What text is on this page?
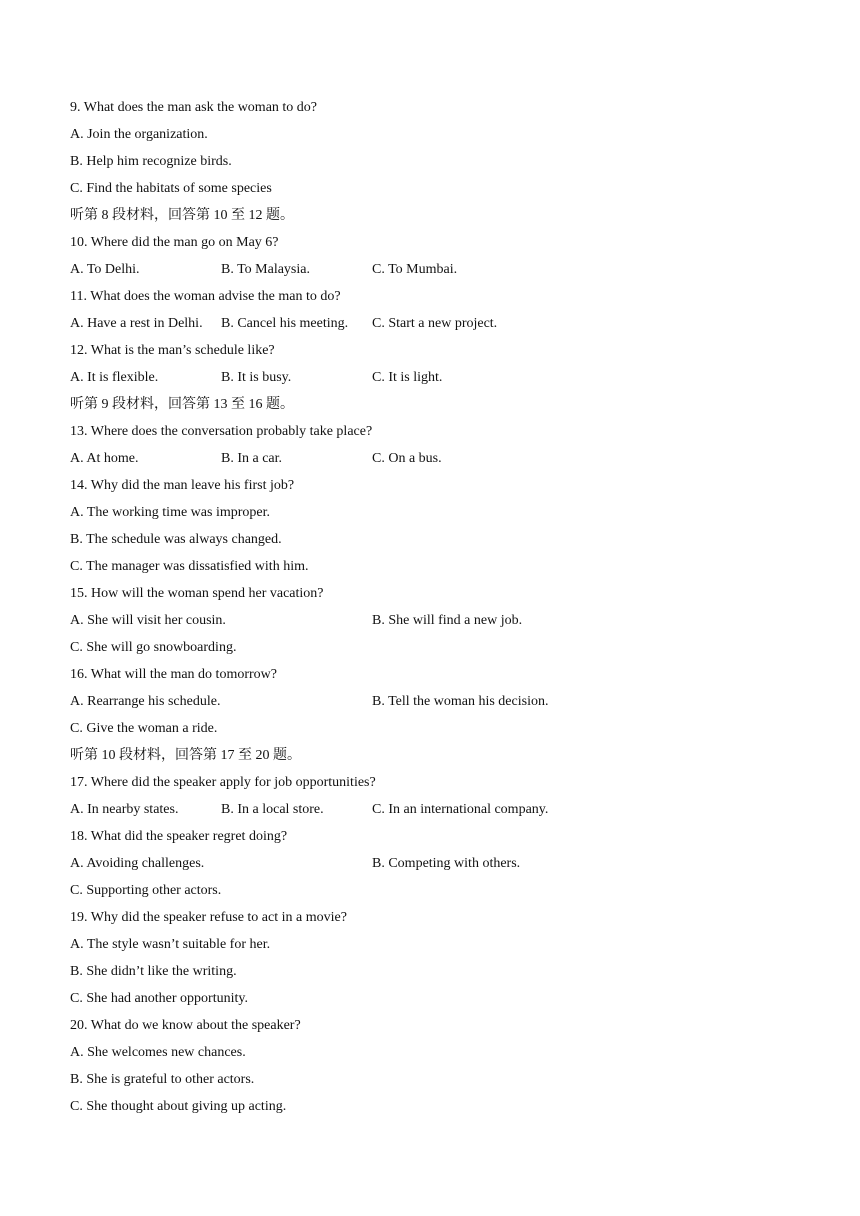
9. What does the man ask the woman to do?
A. Join the organization.
B. Help him recognize birds.
C. Find the habitats of some species
听第 8 段材料，回答第 10 至 12 题。
10. Where did the man go on May 6?
A. To Delhi.	B. To Malaysia.	C. To Mumbai.
11. What does the woman advise the man to do?
A. Have a rest in Delhi. B. Cancel his meeting. C. Start a new project.
12. What is the man’s schedule like?
A. It is flexible.	B. It is busy.	C. It is light.
听第 9 段材料，回答第 13 至 16 题。
13. Where does the conversation probably take place?
A. At home.	B. In a car.	C. On a bus.
14. Why did the man leave his first job?
A. The working time was improper.
B. The schedule was always changed.
C. The manager was dissatisfied with him.
15. How will the woman spend her vacation?
A. She will visit her cousin.	B. She will find a new job.
C. She will go snowboarding.
16. What will the man do tomorrow?
A. Rearrange his schedule.	B. Tell the woman his decision.
C. Give the woman a ride.
听第 10 段材料，回答第 17 至 20 题。
17. Where did the speaker apply for job opportunities?
A. In nearby states.	B. In a local store.	C. In an international company.
18. What did the speaker regret doing?
A. Avoiding challenges.	B. Competing with others.
C. Supporting other actors.
19. Why did the speaker refuse to act in a movie?
A. The style wasn’t suitable for her.
B. She didn’t like the writing.
C. She had another opportunity.
20. What do we know about the speaker?
A. She welcomes new chances.
B. She is grateful to other actors.
C. She thought about giving up acting.
